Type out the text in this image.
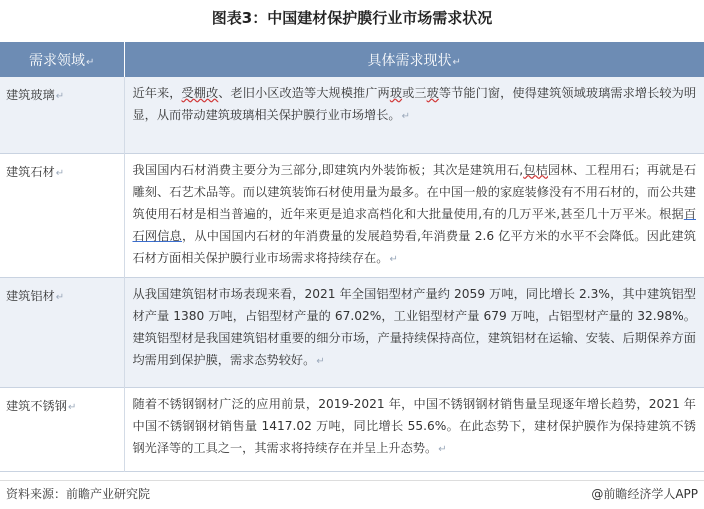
图表3：中国建材保护膜行业市场需求状况
需求领域↵	具体需求现状↵
建筑玻璃↵	近年来，受棚改、老旧小区改造等大规模推广两玻或三玻等节能门窗，使得建筑领域玻璃需求增长较为明显，从而带动建筑玻璃相关保护膜行业市场增长。↵
建筑石材↵	我国国内石材消费主要分为三部分,即建筑内外装饰板；其次是建筑用石,包桔园林、工程用石；再就是石雕刻、石艺术品等。而以建筑装饰石材使用量为最多。在中国一般的家庭装修没有不用石材的，而公共建筑使用石材是相当普遍的，近年来更是追求高档化和大批量使用,有的几万平米,甚至几十万平米。根据百石网信息，从中国国内石材的年消费量的发展趋势看,年消费量 2.6 亿平方米的水平不会降低。因此建筑石材方面相关保护膜行业市场需求将持续存在。↵
建筑铝材↵	从我国建筑铝材市场表现来看，2021 年全国铝型材产量约 2059 万吨，同比增长 2.3%，其中建筑铝型材产量 1380 万吨，占铝型材产量的 67.02%，工业铝型材产量 679 万吨，占铝型材产量的 32.98%。建筑铝型材是我国建筑铝材重要的细分市场，产量持续保持高位，建筑铝材在运输、安装、后期保养方面均需用到保护膜，需求态势较好。↵
建筑不锈钢↵	随着不锈钢钢材广泛的应用前景，2019-2021 年，中国不锈钢钢材销售量呈现逐年增长趋势，2021 年中国不锈钢钢材销售量 1417.02 万吨，同比增长 55.6%。在此态势下，建材保护膜作为保持建筑不锈钢光泽等的工具之一，其需求将持续存在并呈上升态势。↵
资料来源：前瞻产业研究院	@前瞻经济学人APP
